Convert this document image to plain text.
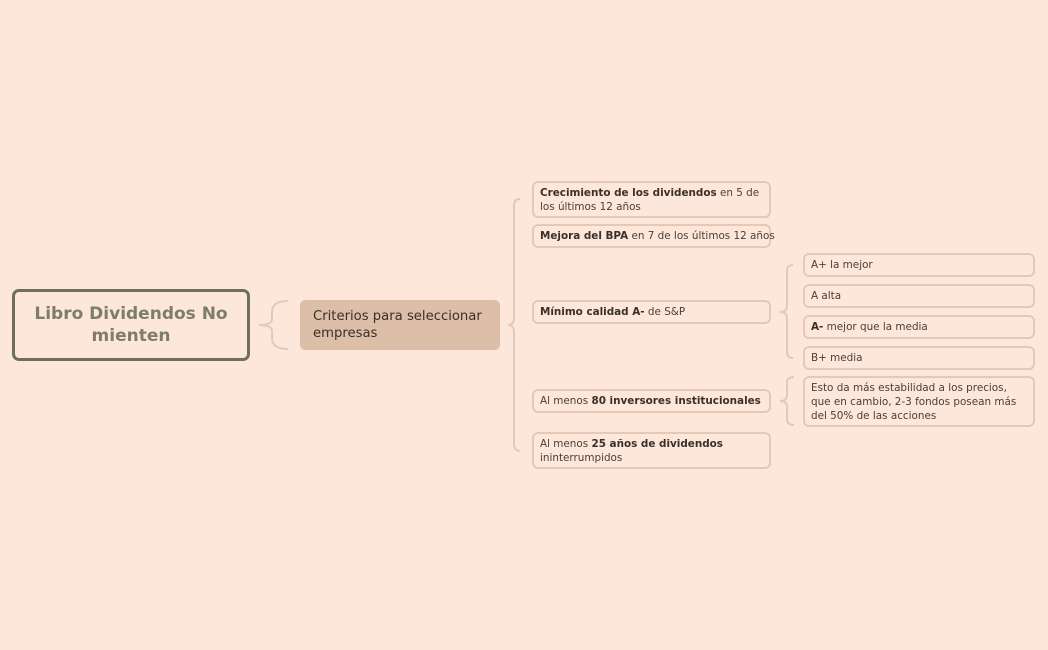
Libro Dividendos No mienten
Criterios para seleccionar empresas
Crecimiento de los dividendos en 5 de los últimos 12 años
Mejora del BPA en 7 de los últimos 12 años
Mínimo calidad A- de S&P
Al menos 80 inversores institucionales
Al menos 25 años de dividendos
ininterrumpidos
A+ la mejor
A alta
A- mejor que la media
B+ media
Esto da más estabilidad a los precios, que en cambio, 2-3 fondos posean más del 50% de las acciones
